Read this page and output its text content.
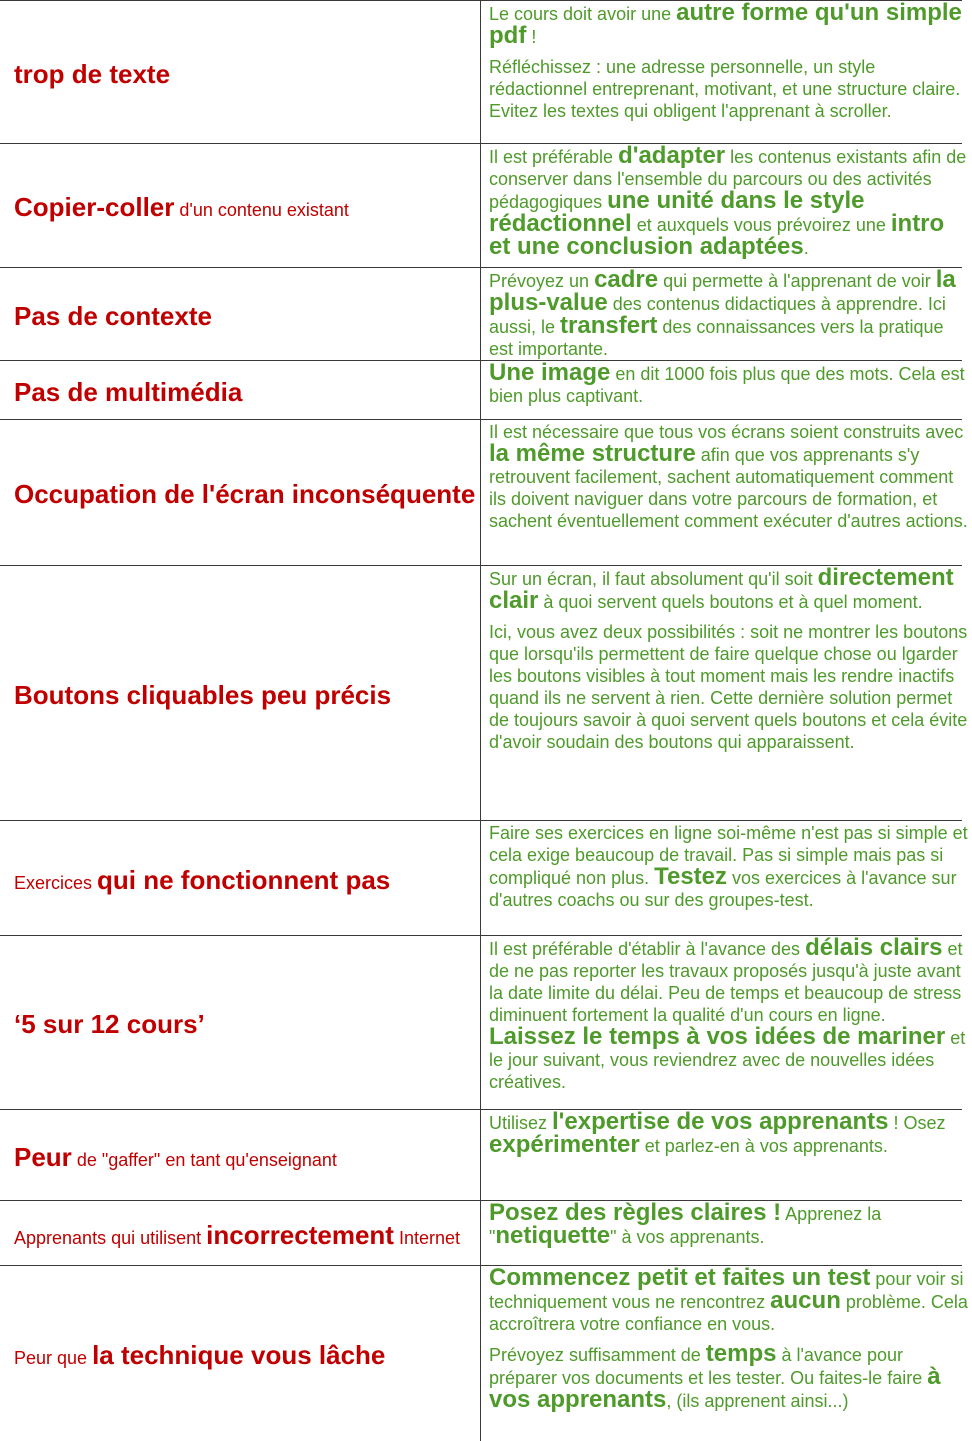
trop de texte

Le cours doit avoir une autre forme qu'un simple pdf !

Réfléchissez : une adresse personnelle, un style rédactionnel entreprenant, motivant, et une structure claire. Evitez les textes qui obligent l'apprenant à scroller.

Copier-coller d'un contenu existant

Il est préférable d'adapter les contenus existants afin de conserver dans l'ensemble du parcours ou des activités pédagogiques une unité dans le style rédactionnel et auxquels vous prévoirez une intro et une conclusion adaptées.

Pas de contexte

Prévoyez un cadre qui permette à l'apprenant de voir la plus-value des contenus didactiques à apprendre. Ici aussi, le transfert des connaissances vers la pratique est importante.

Pas de multimédia

Une image en dit 1000 fois plus que des mots. Cela est bien plus captivant.

Occupation de l'écran inconséquente

Il est nécessaire que tous vos écrans soient construits avec la même structure afin que vos apprenants s'y retrouvent facilement, sachent automatiquement comment ils doivent naviguer dans votre parcours de formation, et sachent éventuellement comment exécuter d'autres actions.

Boutons cliquables peu précis

Sur un écran, il faut absolument qu'il soit directement clair à quoi servent quels boutons et à quel moment.

Ici, vous avez deux possibilités : soit ne montrer les boutons que lorsqu'ils permettent de faire quelque chose ou lgarder les boutons visibles à tout moment mais les rendre inactifs quand ils ne servent à rien. Cette dernière solution permet de toujours savoir à quoi servent quels boutons et cela évite d'avoir soudain des boutons qui apparaissent.

Exercices qui ne fonctionnent pas

Faire ses exercices en ligne soi-même n'est pas si simple et cela exige beaucoup de travail. Pas si simple mais pas si compliqué non plus. Testez vos exercices à l'avance sur d'autres coachs ou sur des groupes-test.

‘5 sur 12 cours’

Il est préférable d'établir à l'avance des délais clairs et de ne pas reporter les travaux proposés jusqu'à juste avant la date limite du délai. Peu de temps et beaucoup de stress diminuent fortement la qualité d'un cours en ligne. Laissez le temps à vos idées de mariner et le jour suivant, vous reviendrez avec de nouvelles idées créatives.

Peur de "gaffer" en tant qu'enseignant

Utilisez l'expertise de vos apprenants ! Osez expérimenter et parlez-en à vos apprenants.

Apprenants qui utilisent incorrectement Internet

Posez des règles claires ! Apprenez la "netiquette" à vos apprenants.

Peur que la technique vous lâche

Commencez petit et faites un test pour voir si techniquement vous ne rencontrez aucun problème. Cela accroîtrera votre confiance en vous.

Prévoyez suffisamment de temps à l'avance pour préparer vos documents et les tester. Ou faites-le faire à vos apprenants, (ils apprenent ainsi...)
